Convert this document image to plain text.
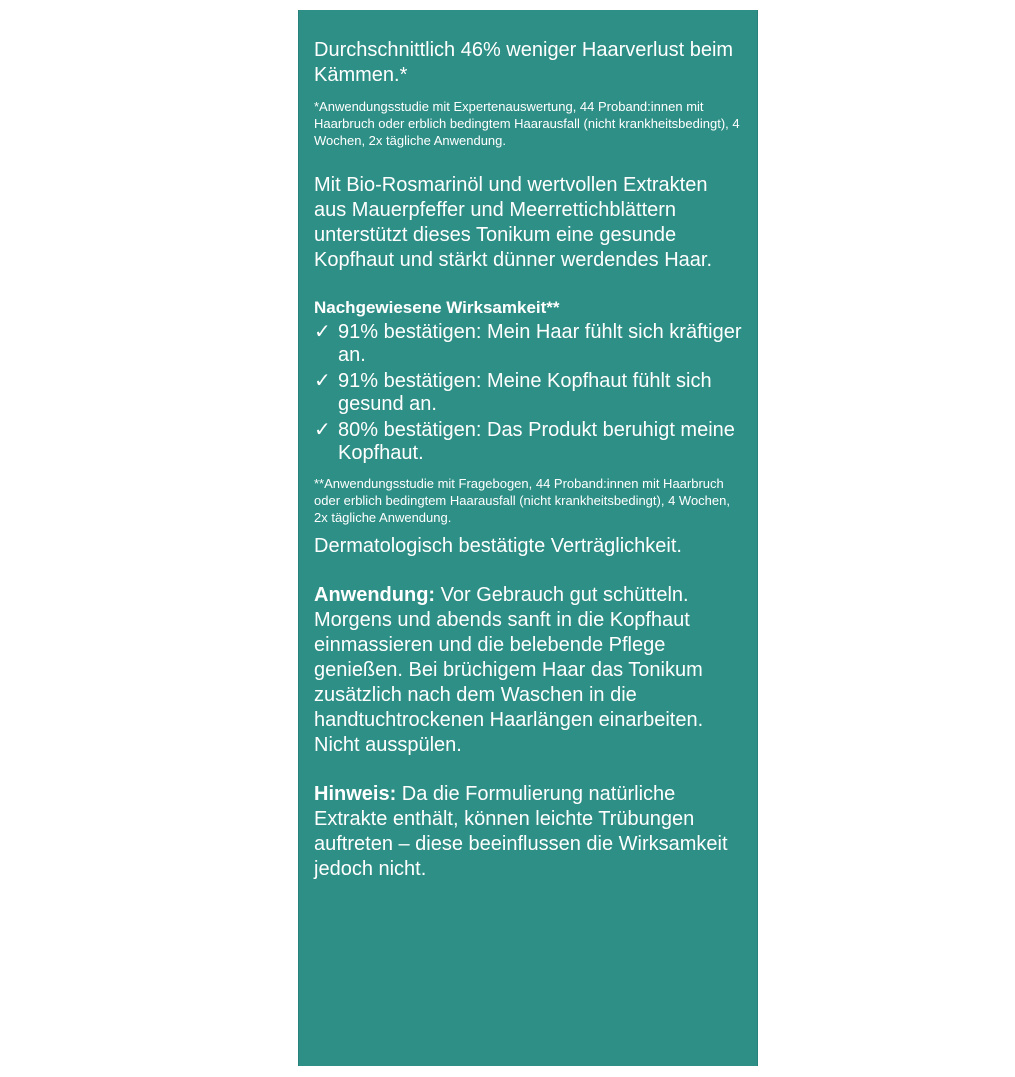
Durchschnittlich 46% weniger Haarverlust beim Kämmen.*

*Anwendungsstudie mit Expertenauswertung, 44 Proband:innen mit Haarbruch oder erblich bedingtem Haarausfall (nicht krankheitsbedingt), 4 Wochen, 2x tägliche Anwendung.

Mit Bio-Rosmarinöl und wertvollen Extrakten aus Mauerpfeffer und Meerrettichblättern unterstützt dieses Tonikum eine gesunde Kopfhaut und stärkt dünner werdendes Haar.

Nachgewiesene Wirksamkeit**

✓ 91% bestätigen: Mein Haar fühlt sich kräftiger an.
✓ 91% bestätigen: Meine Kopfhaut fühlt sich gesund an.
✓ 80% bestätigen: Das Produkt beruhigt meine Kopfhaut.

**Anwendungsstudie mit Fragebogen, 44 Proband:innen mit Haarbruch oder erblich bedingtem Haarausfall (nicht krankheitsbedingt), 4 Wochen, 2x tägliche Anwendung.

Dermatologisch bestätigte Verträglichkeit.

Anwendung: Vor Gebrauch gut schütteln. Morgens und abends sanft in die Kopfhaut einmassieren und die belebende Pflege genießen. Bei brüchigem Haar das Tonikum zusätzlich nach dem Waschen in die handtuchtrockenen Haarlängen einarbeiten. Nicht ausspülen.

Hinweis: Da die Formulierung natürliche Extrakte enthält, können leichte Trübungen auftreten – diese beeinflussen die Wirksamkeit jedoch nicht.
